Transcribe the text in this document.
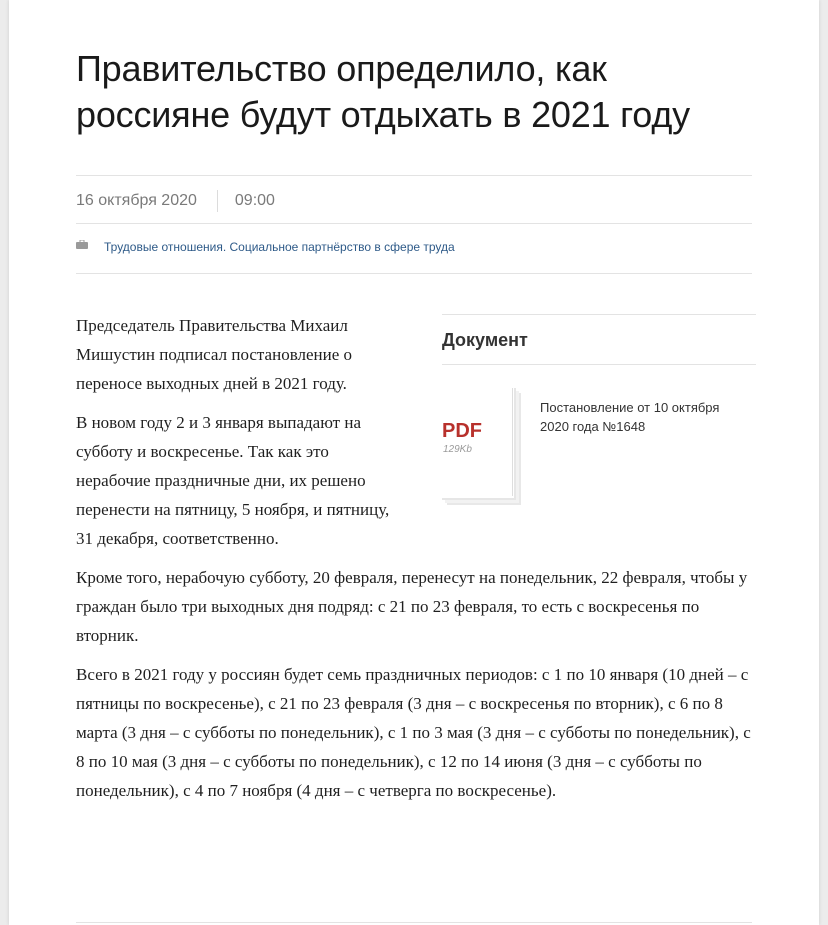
Правительство определило, как россияне будут отдыхать в 2021 году
16 октября 2020	09:00
Трудовые отношения. Социальное партнёрство в сфере труда
Документ
PDF
129Kb
Постановление от 10 октября 2020 года №1648

Председатель Правительства Михаил Мишустин подписал постановление о переносе выходных дней в 2021 году.

В новом году 2 и 3 января выпадают на субботу и воскресенье. Так как это нерабочие праздничные дни, их решено перенести на пятницу, 5 ноября, и пятницу, 31 декабря, соответственно.

Кроме того, нерабочую субботу, 20 февраля, перенесут на понедельник, 22 февраля, чтобы у граждан было три выходных дня подряд: с 21 по 23 февраля, то есть с воскресенья по вторник.

Всего в 2021 году у россиян будет семь праздничных периодов: с 1 по 10 января (10 дней – с пятницы по воскресенье), с 21 по 23 февраля (3 дня – с воскресенья по вторник), с 6 по 8 марта (3 дня – с субботы по понедельник), с 1 по 3 мая (3 дня – с субботы по понедельник), с 8 по 10 мая (3 дня – с субботы по понедельник), с 12 по 14 июня (3 дня – с субботы по понедельник), с 4 по 7 ноября (4 дня – с четверга по воскресенье).
